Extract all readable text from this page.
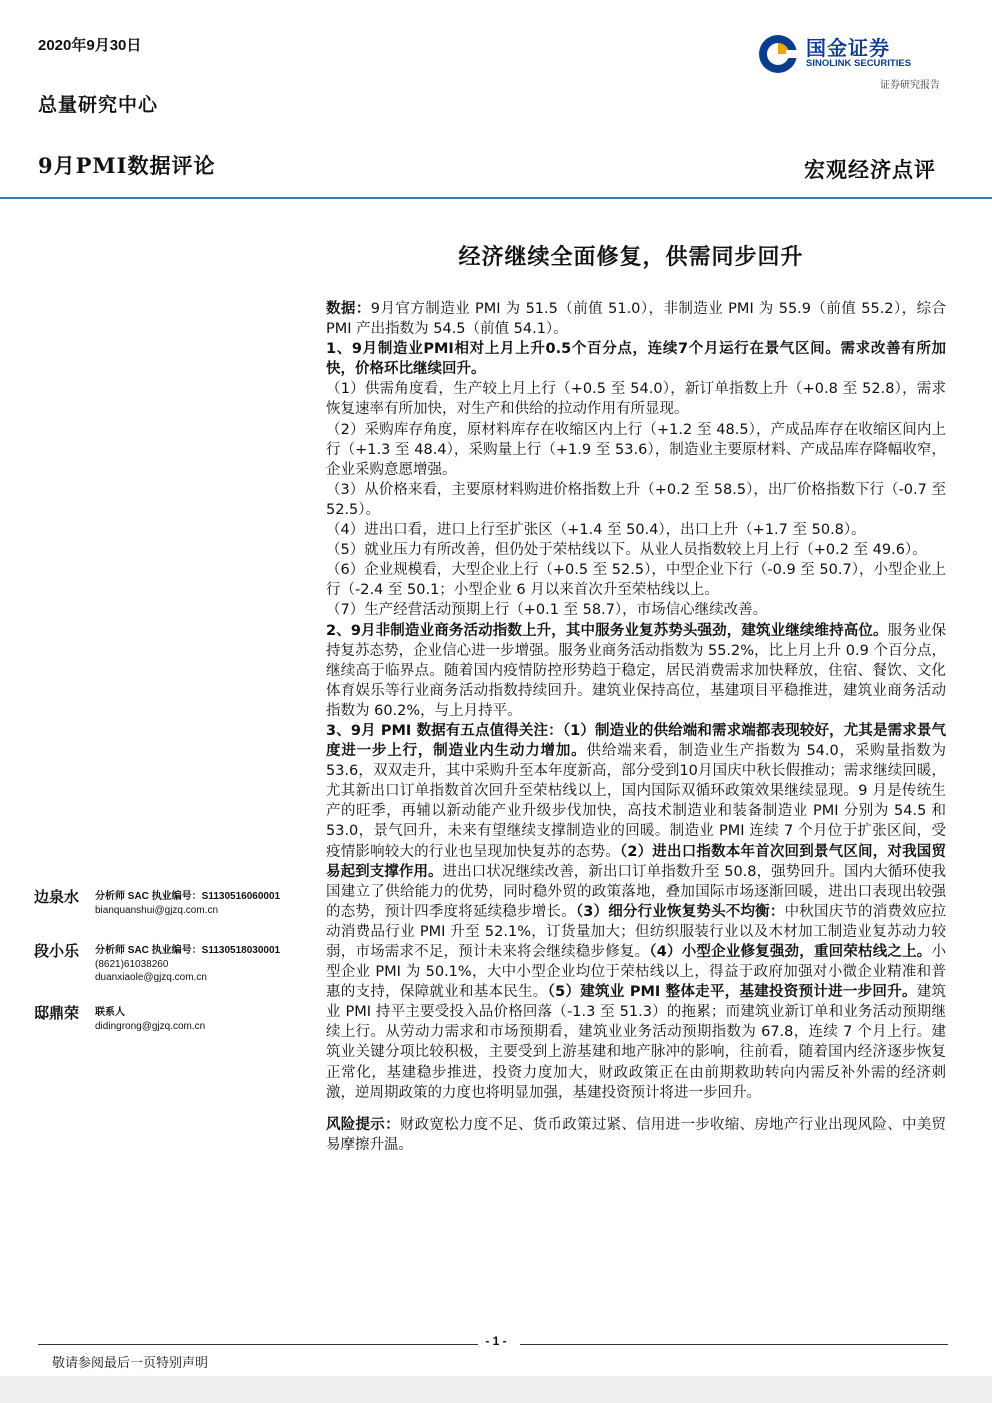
2020年9月30日
总量研究中心
9月PMI数据评论	宏观经济点评
国金证券
SINOLINK SECURITIES
证券研究报告
经济继续全面修复，供需同步回升

数据：9月官方制造业 PMI 为 51.5（前值 51.0），非制造业 PMI 为 55.9（前值 55.2），综合 PMI 产出指数为 54.5（前值 54.1）。

1、9月制造业PMI相对上月上升0.5个百分点，连续7个月运行在景气区间。需求改善有所加快，价格环比继续回升。

（1）供需角度看，生产较上月上行（+0.5 至 54.0），新订单指数上升（+0.8 至 52.8），需求恢复速率有所加快，对生产和供给的拉动作用有所显现。

（2）采购库存角度，原材料库存在收缩区内上行（+1.2 至 48.5），产成品库存在收缩区间内上行（+1.3 至 48.4），采购量上行（+1.9 至 53.6），制造业主要原材料、产成品库存降幅收窄，企业采购意愿增强。

（3）从价格来看，主要原材料购进价格指数上升（+0.2 至 58.5），出厂价格指数下行（-0.7 至 52.5）。

（4）进出口看，进口上行至扩张区（+1.4 至 50.4），出口上升（+1.7 至 50.8）。

（5）就业压力有所改善，但仍处于荣枯线以下。从业人员指数较上月上行（+0.2 至 49.6）。

（6）企业规模看，大型企业上行（+0.5 至 52.5），中型企业下行（-0.9 至 50.7），小型企业上行（-2.4 至 50.1；小型企业 6 月以来首次升至荣枯线以上。

（7）生产经营活动预期上行（+0.1 至 58.7），市场信心继续改善。

2、9月非制造业商务活动指数上升，其中服务业复苏势头强劲，建筑业继续维持高位。服务业保持复苏态势，企业信心进一步增强。服务业商务活动指数为 55.2%，比上月上升 0.9 个百分点，继续高于临界点。随着国内疫情防控形势趋于稳定，居民消费需求加快释放，住宿、餐饮、文化体育娱乐等行业商务活动指数持续回升。建筑业保持高位，基建项目平稳推进，建筑业商务活动指数为 60.2%，与上月持平。

3、9月 PMI 数据有五点值得关注：（1）制造业的供给端和需求端都表现较好，尤其是需求景气度进一步上行，制造业内生动力增加。供给端来看，制造业生产指数为 54.0，采购量指数为 53.6，双双走升，其中采购升至本年度新高，部分受到10月国庆中秋长假推动；需求继续回暖，尤其新出口订单指数首次回升至荣枯线以上，国内国际双循环政策效果继续显现。9 月是传统生产的旺季，再辅以新动能产业升级步伐加快，高技术制造业和装备制造业 PMI 分别为 54.5 和 53.0，景气回升，未来有望继续支撑制造业的回暖。制造业 PMI 连续 7 个月位于扩张区间，受疫情影响较大的行业也呈现加快复苏的态势。（2）进出口指数本年首次回到景气区间，对我国贸易起到支撑作用。进出口状况继续改善，新出口订单指数升至 50.8，强势回升。国内大循环使我国建立了供给能力的优势，同时稳外贸的政策落地，叠加国际市场逐渐回暖，进出口表现出较强的态势，预计四季度将延续稳步增长。（3）细分行业恢复势头不均衡：中秋国庆节的消费效应拉动消费品行业 PMI 升至 52.1%，订货量加大；但纺织服装行业以及木材加工制造业复苏动力较弱，市场需求不足，预计未来将会继续稳步修复。（4）小型企业修复强劲，重回荣枯线之上。小型企业 PMI 为 50.1%，大中小型企业均位于荣枯线以上，得益于政府加强对小微企业精准和普惠的支持，保障就业和基本民生。（5）建筑业 PMI 整体走平，基建投资预计进一步回升。建筑业 PMI 持平主要受投入品价格回落（-1.3 至 51.3）的拖累；而建筑业新订单和业务活动预期继续上行。从劳动力需求和市场预期看，建筑业业务活动预期指数为 67.8，连续 7 个月上行。建筑业关键分项比较积极，主要受到上游基建和地产脉冲的影响，往前看，随着国内经济逐步恢复正常化，基建稳步推进，投资力度加大，财政政策正在由前期救助转向内需反补外需的经济刺激，逆周期政策的力度也将明显加强，基建投资预计将进一步回升。

风险提示：财政宽松力度不足、货币政策过紧、信用进一步收缩、房地产行业出现风险、中美贸易摩擦升温。

边泉水 分析师 SAC 执业编号：S1130516060001
bianquanshui@gjzq.com.cn
段小乐 分析师 SAC 执业编号：S1130518030001
(8621)61038260
duanxiaole@gjzq.com.cn
邸鼎荣 联系人
didingrong@gjzq.com.cn
- 1 -
敬请参阅最后一页特别声明
